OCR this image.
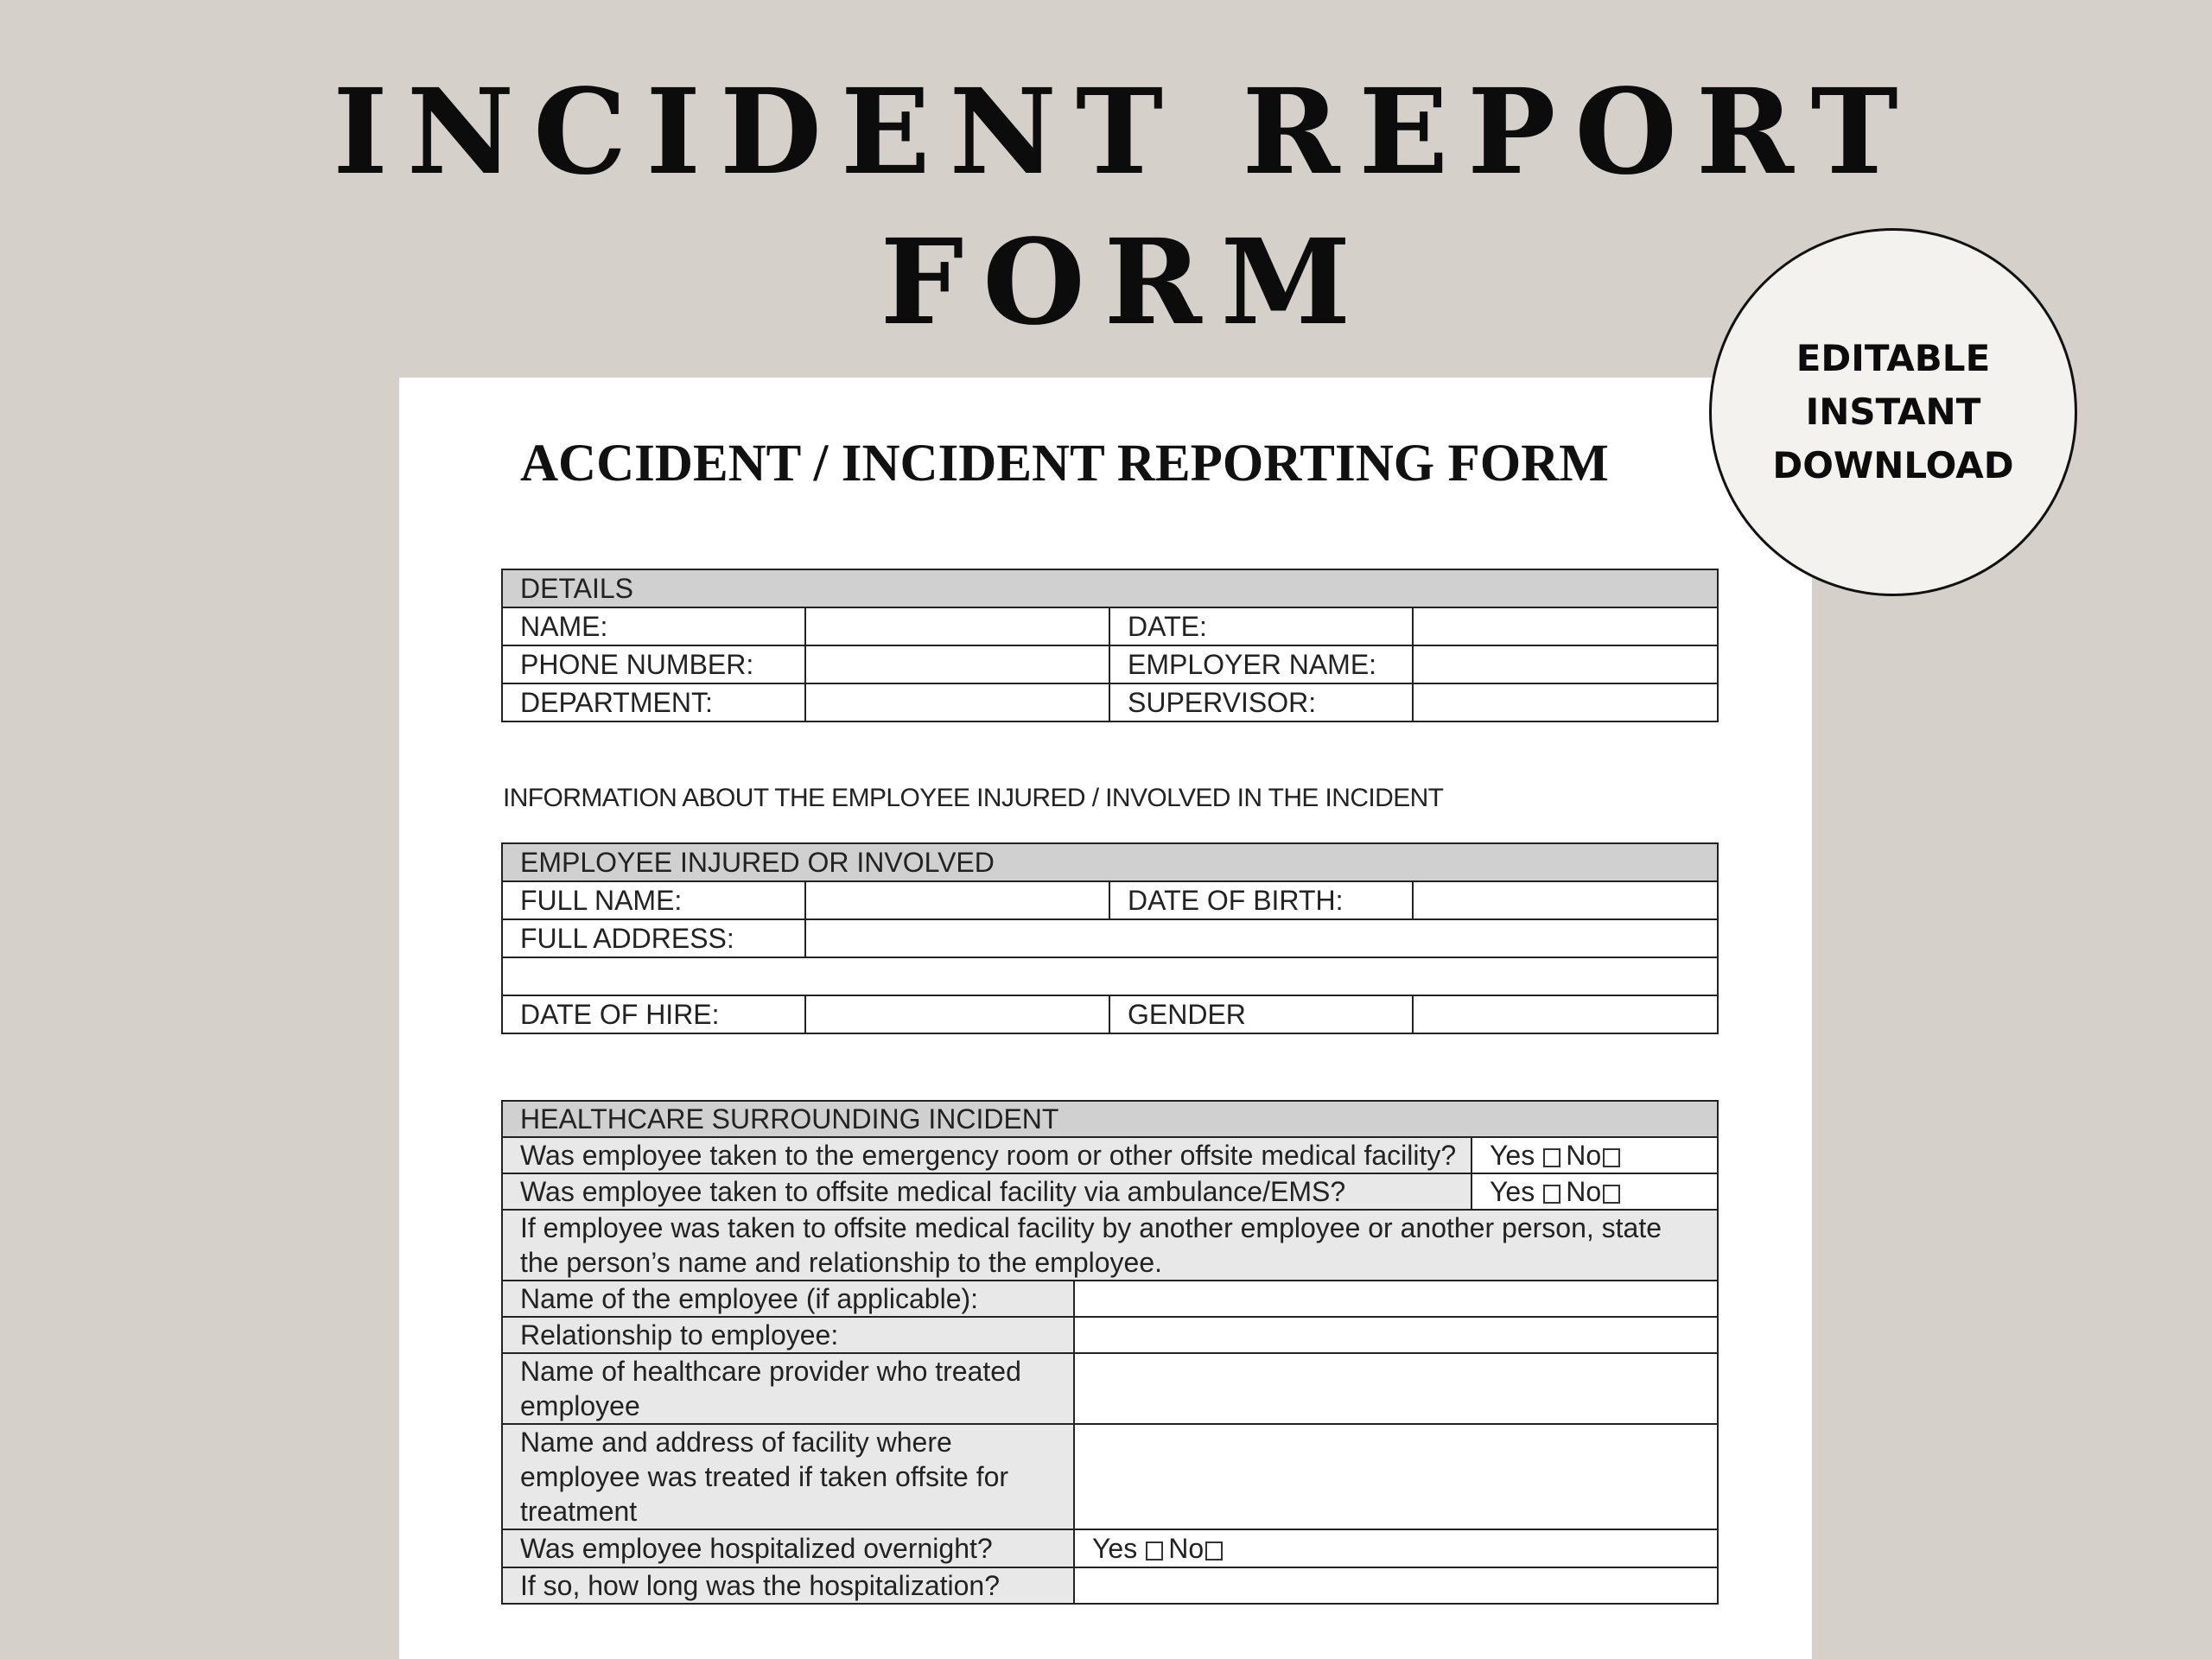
INCIDENT REPORT
FORM
ACCIDENT / INCIDENT REPORTING FORM
DETAILS			
NAME:		DATE:	
PHONE NUMBER:		EMPLOYER NAME:	
DEPARTMENT:		SUPERVISOR:	
INFORMATION ABOUT THE EMPLOYEE INJURED / INVOLVED IN THE INCIDENT
EMPLOYEE INJURED OR INVOLVED			
FULL NAME:		DATE OF BIRTH:	
FULL ADDRESS:			

DATE OF HIRE:		GENDER	
HEALTHCARE SURROUNDING INCIDENT		
Was employee taken to the emergency room or other offsite medical facility?		Yes No
Was employee taken to offsite medical facility via ambulance/EMS?		Yes No
If employee was taken to offsite medical facility by another employee or another person, state the person’s name and relationship to the employee.		
Name of the employee (if applicable):		
Relationship to employee:		
Name of healthcare provider who treated employee		
Name and address of facility where employee was treated if taken offsite for treatment		
Was employee hospitalized overnight?	Yes No	
If so, how long was the hospitalization?		
EDITABLE
INSTANT
DOWNLOAD
